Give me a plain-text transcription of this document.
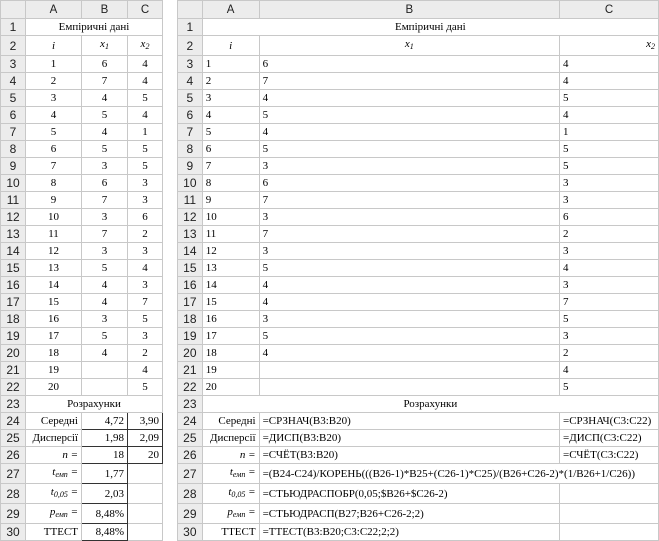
	A	B	C
1	Емпіричні дані		
2	i	$x_1$	$x_2$
3	1	6	4
4	2	7	4
5	3	4	5
6	4	5	4
7	5	4	1
8	6	5	5
9	7	3	5
10	8	6	3
11	9	7	3
12	10	3	6
13	11	7	2
14	12	3	3
15	13	5	4
16	14	4	3
17	15	4	7
18	16	3	5
19	17	5	3
20	18	4	2
21	19		4
22	20		5
23	Розрахунки		
24	Середні	4,72	3,90
25	Дисперсії	1,98	2,09
26	n =	18	20
27	$t_{емп}$ =	1,77	
28	$t_{0,05}$ =	2,03	
29	$p_{емп}$ =	8,48%	
30	ТТЕСТ	8,48%	
	A	B	C
1	Емпіричні дані		
2	i	$x_1$	$x_2$
3	1	6	4
4	2	7	4
5	3	4	5
6	4	5	4
7	5	4	1
8	6	5	5
9	7	3	5
10	8	6	3
11	9	7	3
12	10	3	6
13	11	7	2
14	12	3	3
15	13	5	4
16	14	4	3
17	15	4	7
18	16	3	5
19	17	5	3
20	18	4	2
21	19		4
22	20		5
23	Розрахунки		
24	Середні	=СРЗНАЧ(B3:B20)	=СРЗНАЧ(C3:C22)
25	Дисперсії	=ДИСП(B3:B20)	=ДИСП(C3:C22)
26	n =	=СЧЁТ(B3:B20)	=СЧЁТ(C3:C22)
27	$t_{емп}$ =	=(B24-C24)/КОРЕНЬ(((B26-1)*B25+(C26-1)*C25)/(B26+C26-2)*(1/B26+1/C26))	
28	$t_{0,05}$ =	=СТЬЮДРАСПОБР(0,05;$B26+$C26-2)	
29	$p_{емп}$ =	=СТЬЮДРАСП(B27;B26+C26-2;2)	
30	ТТЕСТ	=ТТЕСТ(B3:B20;C3:C22;2;2)	
